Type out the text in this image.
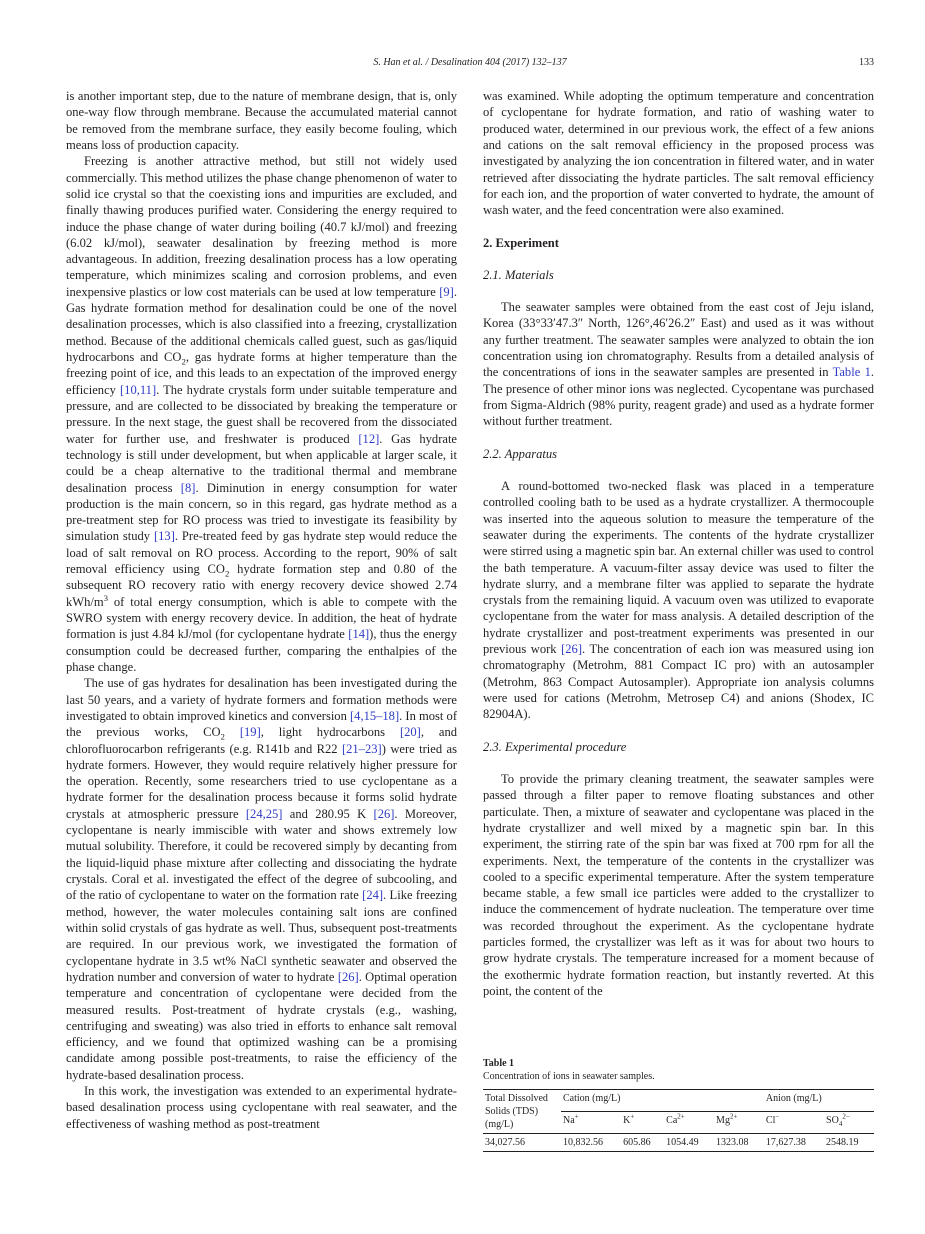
S. Han et al. / Desalination 404 (2017) 132–137	133

is another important step, due to the nature of membrane design, that is, only one-way flow through membrane. Because the accumulated material cannot be removed from the membrane surface, they easily become fouling, which means loss of production capacity.

Freezing is another attractive method, but still not widely used commercially. This method utilizes the phase change phenomenon of water to solid ice crystal so that the coexisting ions and impurities are excluded, and finally thawing produces purified water. Considering the energy required to induce the phase change of water during boiling (40.7 kJ/mol) and freezing (6.02 kJ/mol), seawater desalination by freezing method is more advantageous. In addition, freezing desalination process has a low operating temperature, which minimizes scaling and corrosion problems, and even inexpensive plastics or low cost materials can be used at low temperature [9]. Gas hydrate formation method for desalination could be one of the novel desalination processes, which is also classified into a freezing, crystallization method. Because of the additional chemicals called guest, such as gas/liquid hydrocarbons and $CO_2$, gas hydrate forms at higher temperature than the freezing point of ice, and this leads to an expectation of the improved energy efficiency [10,11]. The hydrate crystals form under suitable temperature and pressure, and are collected to be dissociated by breaking the temperature or pressure. In the next stage, the guest shall be recovered from the dissociated water for further use, and freshwater is produced [12]. Gas hydrate technology is still under development, but when applicable at larger scale, it could be a cheap alternative to the traditional thermal and membrane desalination process [8]. Diminution in energy consumption for water production is the main concern, so in this regard, gas hydrate method as a pre-treatment step for RO process was tried to investigate its feasibility by simulation study [13]. Pre-treated feed by gas hydrate step would reduce the load of salt removal on RO process. According to the report, 90% of salt removal efficiency using $CO_2$ hydrate formation step and 0.80 of the subsequent RO recovery ratio with energy recovery device showed 2.74 kWh/$m^3$ of total energy consumption, which is able to compete with the SWRO system with energy recovery device. In addition, the heat of hydrate formation is just 4.84 kJ/mol (for cyclopentane hydrate [14]), thus the energy consumption could be decreased further, comparing the enthalpies of the phase change.

The use of gas hydrates for desalination has been investigated during the last 50 years, and a variety of hydrate formers and formation methods were investigated to obtain improved kinetics and conversion [4,15–18]. In most of the previous works, $CO_2$ [19], light hydrocarbons [20], and chlorofluorocarbon refrigerants (e.g. R141b and R22 [21–23]) were tried as hydrate formers. However, they would require relatively higher pressure for the operation. Recently, some researchers tried to use cyclopentane as a hydrate former for the desalination process because it forms solid hydrate crystals at atmospheric pressure [24,25] and 280.95 K [26]. Moreover, cyclopentane is nearly immiscible with water and shows extremely low mutual solubility. Therefore, it could be recovered simply by decanting from the liquid-liquid phase mixture after collecting and dissociating the hydrate crystals. Coral et al. investigated the effect of the degree of subcooling, and of the ratio of cyclopentane to water on the formation rate [24]. Like freezing method, however, the water molecules containing salt ions are confined within solid crystals of gas hydrate as well. Thus, subsequent post-treatments are required. In our previous work, we investigated the formation of cyclopentane hydrate in 3.5 wt% NaCl synthetic seawater and observed the hydration number and conversion of water to hydrate [26]. Optimal operation temperature and concentration of cyclopentane were decided from the measured results. Post-treatment of hydrate crystals (e.g., washing, centrifuging and sweating) was also tried in efforts to enhance salt removal efficiency, and we found that optimized washing can be a promising candidate among possible post-treatments, to raise the efficiency of the hydrate-based desalination process.

In this work, the investigation was extended to an experimental hydrate-based desalination process using cyclopentane with real seawater, and the effectiveness of washing method as post-treatment

was examined. While adopting the optimum temperature and concentration of cyclopentane for hydrate formation, and ratio of washing water to produced water, determined in our previous work, the effect of a few anions and cations on the salt removal efficiency in the proposed process was investigated by analyzing the ion concentration in filtered water, and in water retrieved after dissociating the hydrate particles. The salt removal efficiency for each ion, and the proportion of water converted to hydrate, the amount of wash water, and the feed concentration were also examined.

2. Experiment
2.1. Materials

The seawater samples were obtained from the east cost of Jeju island, Korea (33°33′47.3″ North, 126°,46′26.2″ East) and used as it was without any further treatment. The seawater samples were analyzed to obtain the ion concentration using ion chromatography. Results from a detailed analysis of the concentrations of ions in the seawater samples are presented in Table 1. The presence of other minor ions was neglected. Cycopentane was purchased from Sigma-Aldrich (98% purity, reagent grade) and used as a hydrate former without further treatment.

2.2. Apparatus

A round-bottomed two-necked flask was placed in a temperature controlled cooling bath to be used as a hydrate crystallizer. A thermocouple was inserted into the aqueous solution to measure the temperature of the seawater during the experiments. The contents of the hydrate crystallizer were stirred using a magnetic spin bar. An external chiller was used to control the bath temperature. A vacuum-filter assay device was used to filter the hydrate slurry, and a membrane filter was applied to separate the hydrate crystals from the remaining liquid. A vacuum oven was utilized to evaporate cyclopentane from the water for mass analysis. A detailed description of the hydrate crystallizer and post-treatment experiments was presented in our previous work [26]. The concentration of each ion was measured using ion chromatography (Metrohm, 881 Compact IC pro) with an autosampler (Metrohm, 863 Compact Autosampler). Appropriate ion analysis columns were used for cations (Metrohm, Metrosep C4) and anions (Shodex, IC 82904A).

2.3. Experimental procedure

To provide the primary cleaning treatment, the seawater samples were passed through a filter paper to remove floating substances and other particulate. Then, a mixture of seawater and cyclopentane was placed in the hydrate crystallizer and well mixed by a magnetic spin bar. In this experiment, the stirring rate of the spin bar was fixed at 700 rpm for all the experiments. Next, the temperature of the contents in the crystallizer was cooled to a specific experimental temperature. After the system temperature became stable, a few small ice particles were added to the crystallizer to induce the commencement of hydrate nucleation. The temperature over time was recorded throughout the experiment. As the cyclopentane hydrate particles formed, the crystallizer was left as it was for about two hours to grow hydrate crystals. The temperature increased for a moment because of the exothermic hydrate formation reaction, but instantly reverted. At this point, the content of the

Table 1
Concentration of ions in seawater samples.
Total Dissolved Solids (TDS) (mg/L)	Cation (mg/L)				Anion (mg/L)	
	Na+	K+	$Ca^{2+}$	$Mg^{2+}$	Cl−	$SO_4^{2-}$
34,027.56	10,832.56	605.86	1054.49	1323.08	17,627.38	2548.19
